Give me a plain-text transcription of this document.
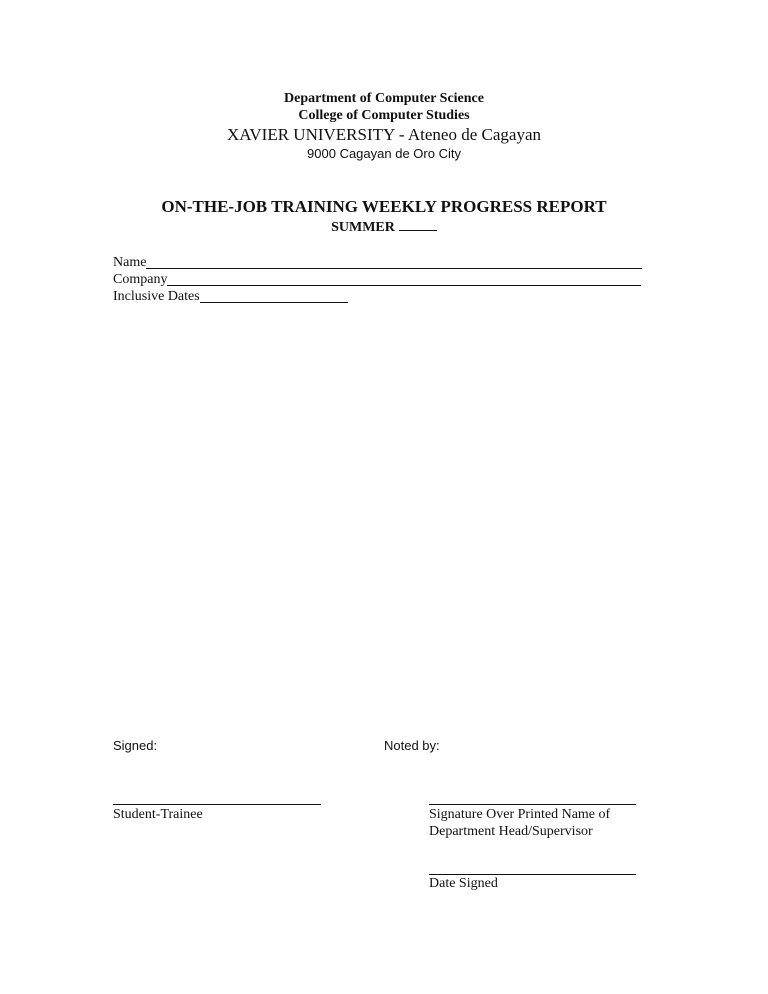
Department of Computer Science
College of Computer Studies
XAVIER UNIVERSITY - Ateneo de Cagayan
9000 Cagayan de Oro City
ON-THE-JOB TRAINING WEEKLY PROGRESS REPORT
SUMMER
Name
Company
Inclusive Dates
Signed:	Noted by:
Student-Trainee	Signature Over Printed Name of
Department Head/Supervisor
Date Signed
